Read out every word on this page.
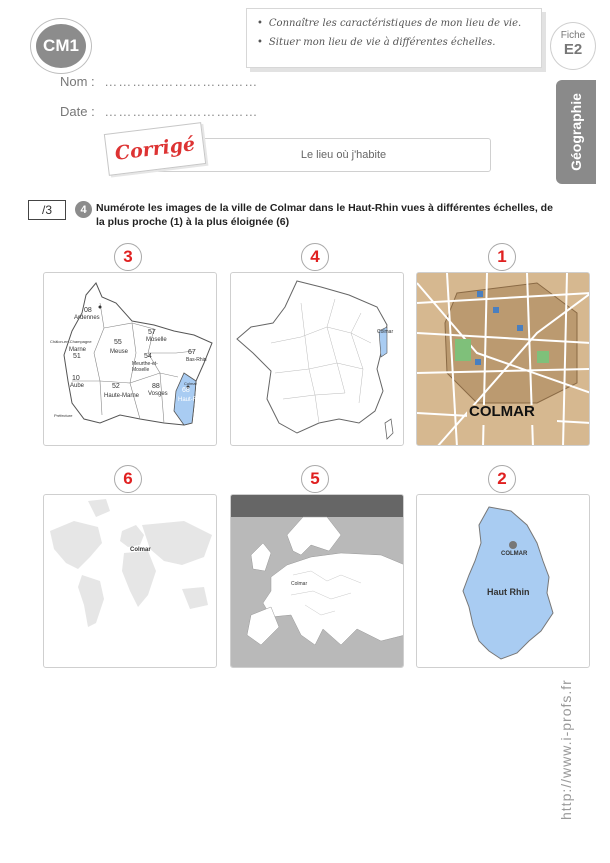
CM1
Nom : ……………………………
Date : ……………………………
• Connaître les caractéristiques de mon lieu de vie.
• Situer mon lieu de vie à différentes échelles.
Fiche
E2
Géographie
Le lieu où j'habite
Corrigé
/3	4 Numérote les images de la ville de Colmar dans le Haut-Rhin vues à différentes échelles, de la plus proche (1) à la plus éloignée (6)
3	4	1
6	5	2
08
Ardennes
Châlon-en-Champagne
Marne
51
55
Meuse
57
Moselle
54
Meurthe-et-Moselle
67
Bas-Rhin
10
Aube	52
Haute-Marne
88
Vosges
Colmar
68
Haut-Rhin
Préfecture
Colmar
COLMAR
Colmar
Colmar
COLMAR
Haut Rhin
http://www.i-profs.fr
